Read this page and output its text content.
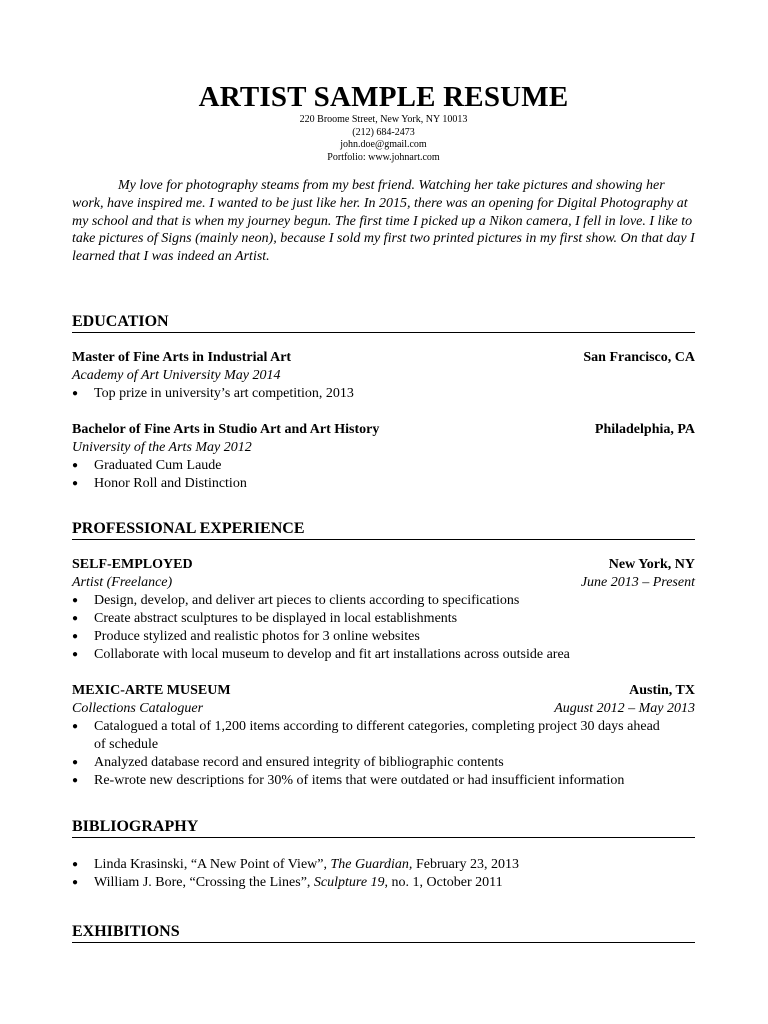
ARTIST SAMPLE RESUME
220 Broome Street, New York, NY 10013
(212) 684-2473
john.doe@gmail.com
Portfolio: www.johnart.com

My love for photography steams from my best friend. Watching her take pictures and showing her work, have inspired me. I wanted to be just like her. In 2015, there was an opening for Digital Photography at my school and that is when my journey begun. The first time I picked up a Nikon camera, I fell in love. I like to take pictures of Signs (mainly neon), because I sold my first two printed pictures in my first show. On that day I learned that I was indeed an Artist.

EDUCATION
Master of Fine Arts in Industrial Art	San Francisco, CA
Academy of Art University May 2014
● Top prize in university’s art competition, 2013
Bachelor of Fine Arts in Studio Art and Art History	Philadelphia, PA
University of the Arts May 2012
● Graduated Cum Laude
● Honor Roll and Distinction
PROFESSIONAL EXPERIENCE
SELF-EMPLOYED	New York, NY
Artist (Freelance)	June 2013 – Present
● Design, develop, and deliver art pieces to clients according to specifications
● Create abstract sculptures to be displayed in local establishments
● Produce stylized and realistic photos for 3 online websites
● Collaborate with local museum to develop and fit art installations across outside area
MEXIC-ARTE MUSEUM	Austin, TX
Collections Cataloguer	August 2012 – May 2013
● Catalogued a total of 1,200 items according to different categories, completing project 30 days ahead of schedule
● Analyzed database record and ensured integrity of bibliographic contents
● Re-wrote new descriptions for 30% of items that were outdated or had insufficient information
BIBLIOGRAPHY
● Linda Krasinski, “A New Point of View”, The Guardian, February 23, 2013
● William J. Bore, “Crossing the Lines”, Sculpture 19, no. 1, October 2011
EXHIBITIONS
